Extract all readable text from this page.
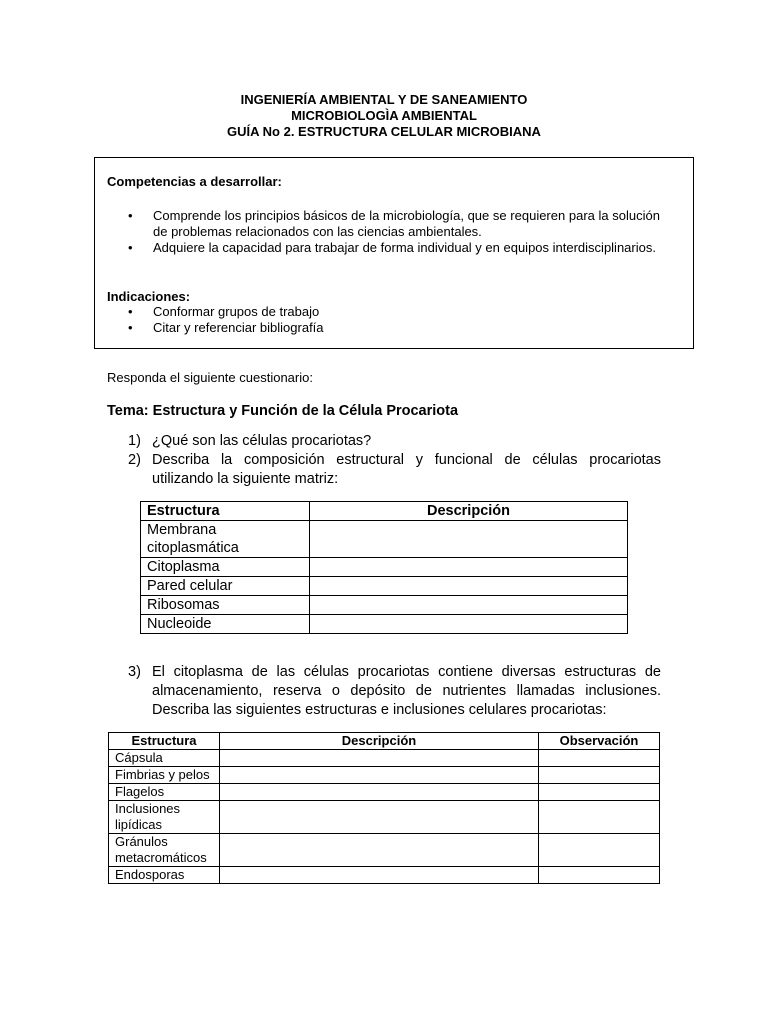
INGENIERÍA AMBIENTAL Y DE SANEAMIENTO
MICROBIOLOGÌA AMBIENTAL
GUÍA No 2. ESTRUCTURA CELULAR MICROBIANA
Competencias a desarrollar:
• Comprende los principios básicos de la microbiología, que se requieren para la solución de problemas relacionados con las ciencias ambientales.
• Adquiere la capacidad para trabajar de forma individual y en equipos interdisciplinarios.
Indicaciones:
• Conformar grupos de trabajo
• Citar y referenciar bibliografía
Responda el siguiente cuestionario:
Tema: Estructura y Función de la Célula Procariota
1) ¿Qué son las células procariotas?
2) Describa la composición estructural y funcional de células procariotas utilizando la siguiente matriz:
Estructura	Descripción
Membrana citoplasmática	
Citoplasma	
Pared celular	
Ribosomas	
Nucleoide	
3) El citoplasma de las células procariotas contiene diversas estructuras de almacenamiento, reserva o depósito de nutrientes llamadas inclusiones. Describa las siguientes estructuras e inclusiones celulares procariotas:
Estructura	Descripción	Observación
Cápsula		
Fimbrias y pelos		
Flagelos		
Inclusiones lipídicas		
Gránulos metacromáticos		
Endosporas		
